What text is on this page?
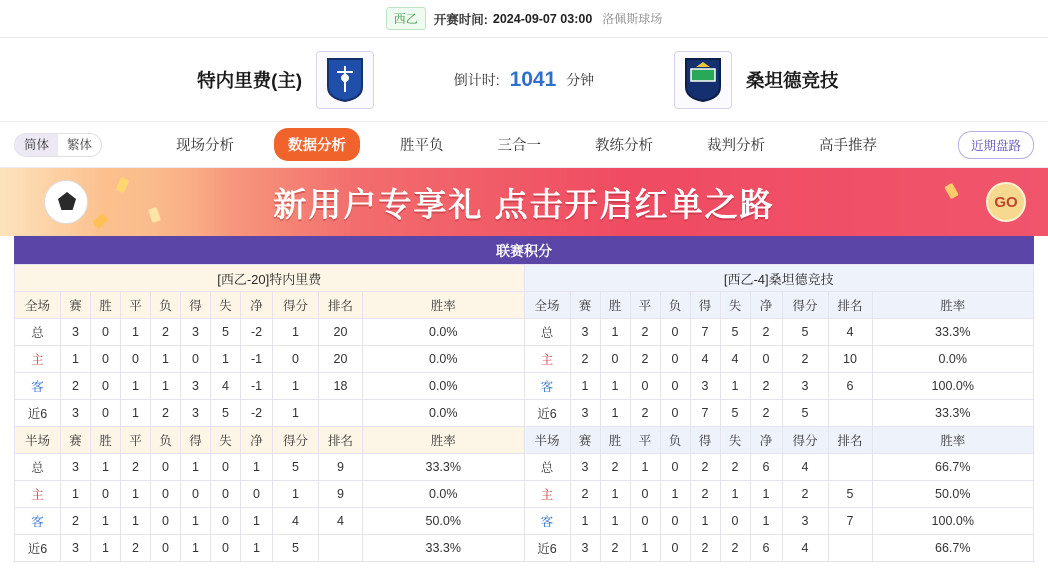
西乙	开赛时间: 2024-09-07 03:00 洛佩斯球场
特内里费(主)	倒计时: 1041 分钟	桑坦德竞技
简体	繁体	现场分析	数据分析	胜平负	三合一	教练分析	裁判分析	高手推荐	近期盘路
新用户专享礼 点击开启红单之路	GO
联赛积分
[西乙-20]特内里费											[西乙-4]桑坦德竞技										
全场	赛	胜	平	负	得	失	净	得分	排名	胜率	全场	赛	胜	平	负	得	失	净	得分	排名	胜率
总	3	0	1	2	3	5	-2	1	20	0.0%	总	3	1	2	0	7	5	2	5	4	33.3%
主	1	0	0	1	0	1	-1	0	20	0.0%	主	2	0	2	0	4	4	0	2	10	0.0%
客	2	0	1	1	3	4	-1	1	18	0.0%	客	1	1	0	0	3	1	2	3	6	100.0%
近6	3	0	1	2	3	5	-2	1		0.0%	近6	3	1	2	0	7	5	2	5		33.3%
半场	赛	胜	平	负	得	失	净	得分	排名	胜率	半场	赛	胜	平	负	得	失	净	得分	排名	胜率
总	3	1	2	0	1	0	1	5	9	33.3%	总	3	2	1	0	2	2	6	4		66.7%
主	1	0	1	0	0	0	0	1	9	0.0%	主	2	1	0	1	2	1	1	2	5	50.0%
客	2	1	1	0	1	0	1	4	4	50.0%	客	1	1	0	0	1	0	1	3	7	100.0%
近6	3	1	2	0	1	0	1	5		33.3%	近6	3	2	1	0	2	2	6	4		66.7%
